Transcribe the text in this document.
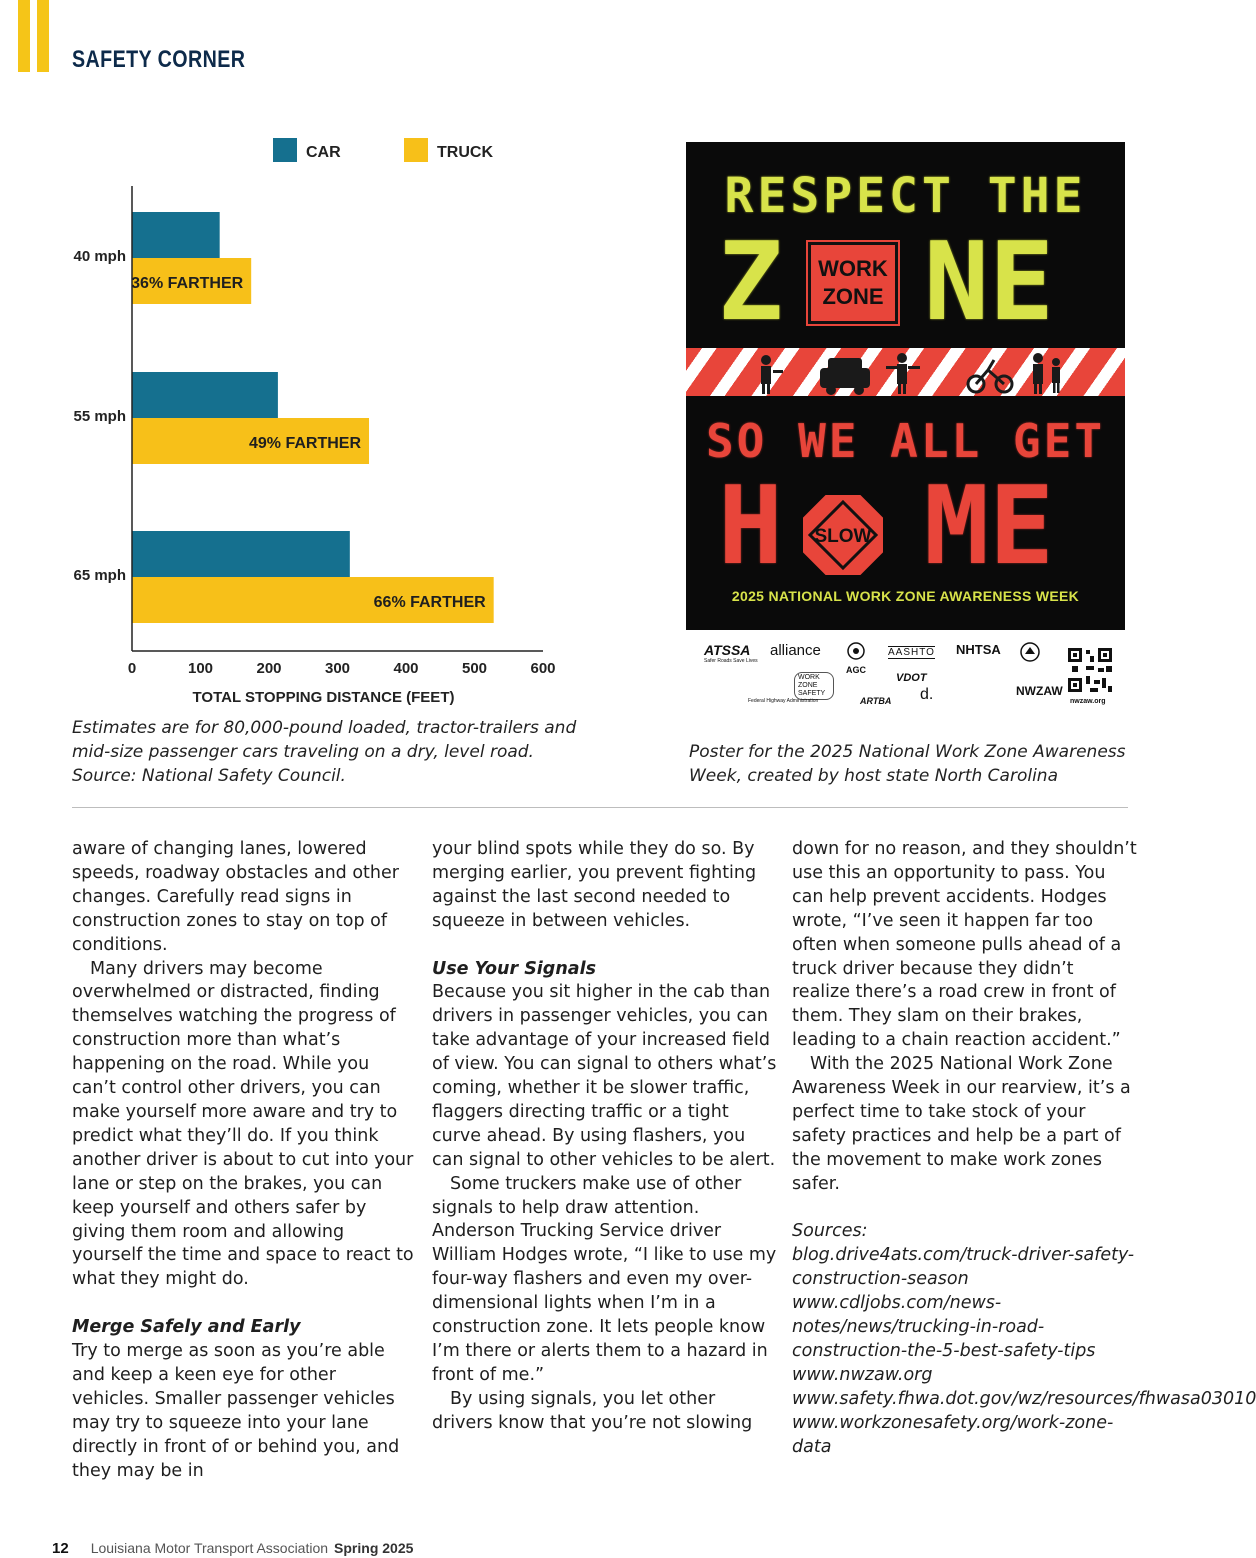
SAFETY CORNER
CAR	TRUCK
36% FARTHER
49% FARTHER
66% FARTHER
40 mph
55 mph
65 mph
0	100	200	300	400	500	600
TOTAL STOPPING DISTANCE (FEET)
Estimates are for 80,000-pound loaded, tractor-trailers and
mid-size passenger cars traveling on a dry, level road.
Source: National Safety Council.
RESPECT THE
Z WORK
ZONE NE
SO WE ALL GET
H SLOW ME
2025 NATIONAL WORK ZONE AWARENESS WEEK
ATSSA
Safer Roads Save Lives
alliance
AGC
AASHTO NHTSA
WORK ZONE SAFETY
VDOT
Federal Highway Administration	ARTBA d.	NWZAW
nwzaw.org
Poster for the 2025 National Work Zone Awareness
Week, created by host state North Carolina

aware of changing lanes, lowered speeds, roadway obstacles and other changes. Carefully read signs in construction zones to stay on top of conditions.

Many drivers may become overwhelmed or distracted, finding themselves watching the progress of construction more than what’s happening on the road. While you can’t control other drivers, you can make yourself more aware and try to predict what they’ll do. If you think another driver is about to cut into your lane or step on the brakes, you can keep yourself and others safer by giving them room and allowing yourself the time and space to react to what they might do.

Merge Safely and Early

Try to merge as soon as you’re able and keep a keen eye for other vehicles. Smaller passenger vehicles may try to squeeze into your lane directly in front of or behind you, and they may be in

your blind spots while they do so. By merging earlier, you prevent fighting against the last second needed to squeeze in between vehicles.

Use Your Signals

Because you sit higher in the cab than drivers in passenger vehicles, you can take advantage of your increased field of view. You can signal to others what’s coming, whether it be slower traffic, flaggers directing traffic or a tight curve ahead. By using flashers, you can signal to other vehicles to be alert.

Some truckers make use of other signals to help draw attention. Anderson Trucking Service driver William Hodges wrote, “I like to use my four-way flashers and even my over-dimensional lights when I’m in a construction zone. It lets people know I’m there or alerts them to a hazard in front of me.”

By using signals, you let other drivers know that you’re not slowing

down for no reason, and they shouldn’t use this an opportunity to pass. You can help prevent accidents. Hodges wrote, “I’ve seen it happen far too often when someone pulls ahead of a truck driver because they didn’t realize there’s a road crew in front of them. They slam on their brakes, leading to a chain reaction accident.”

With the 2025 National Work Zone Awareness Week in our rearview, it’s a perfect time to take stock of your safety practices and help be a part of the movement to make work zones safer.

Sources:

blog.drive4ats.com/truck-driver-safety-construction-season

www.cdljobs.com/news-notes/news/trucking-in-road-construction-the-5-best-safety-tips

www.nwzaw.org

www.safety.fhwa.dot.gov/wz/resources/fhwasa03010

www.workzonesafety.org/work-zone-data

12 Louisiana Motor Transport Association Spring 2025
